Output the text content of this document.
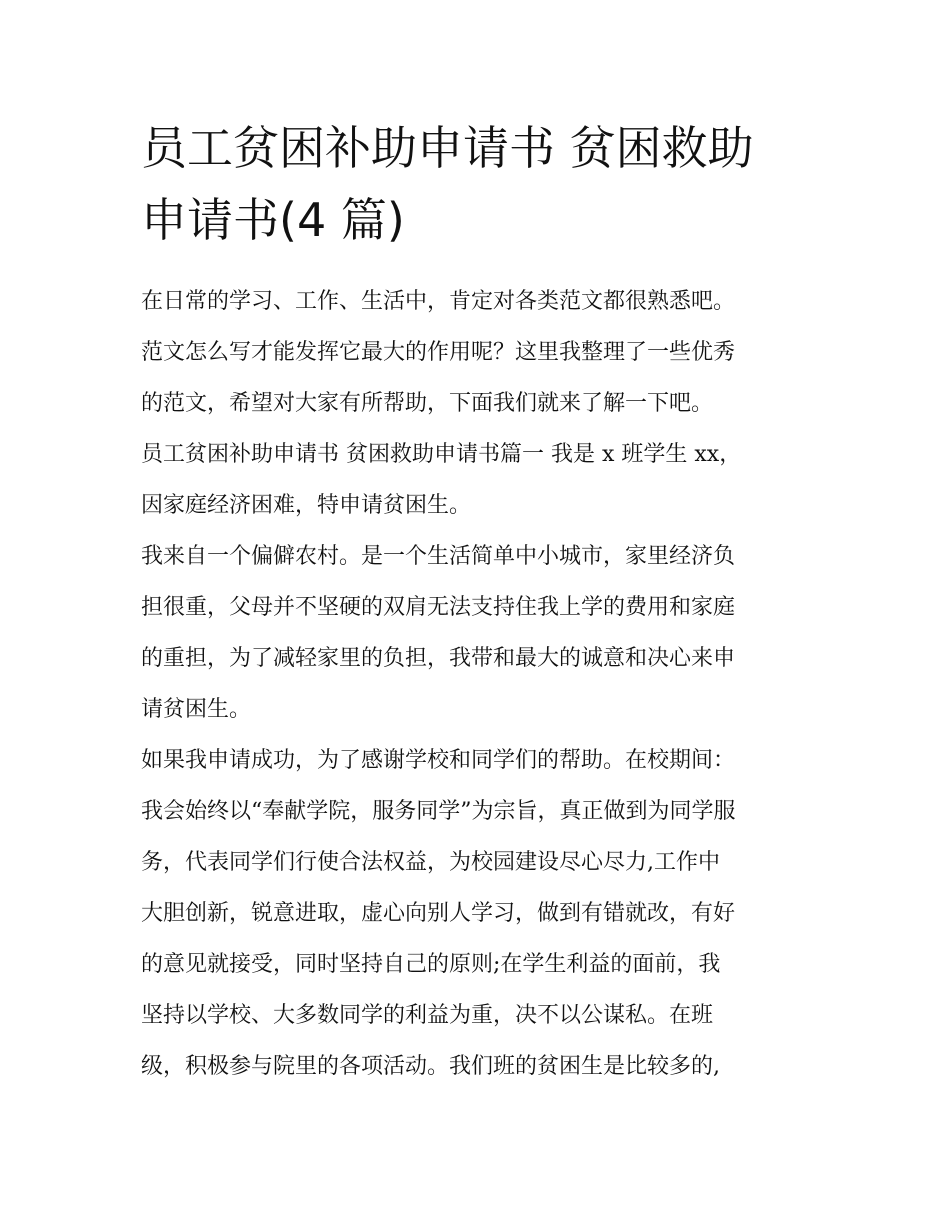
员工贫困补助申请书 贫困救助
申请书(4 篇)

在日常的学习、工作、生活中，肯定对各类范文都很熟悉吧。
范文怎么写才能发挥它最大的作用呢？这里我整理了一些优秀
的范文，希望对大家有所帮助，下面我们就来了解一下吧。

员工贫困补助申请书 贫困救助申请书篇一 我是 x 班学生 xx，
因家庭经济困难，特申请贫困生。

我来自一个偏僻农村。是一个生活简单中小城市，家里经济负
担很重，父母并不坚硬的双肩无法支持住我上学的费用和家庭
的重担，为了减轻家里的负担，我带和最大的诚意和决心来申
请贫困生。

如果我申请成功，为了感谢学校和同学们的帮助。在校期间：
我会始终以“奉献学院，服务同学”为宗旨，真正做到为同学服
务，代表同学们行使合法权益，为校园建设尽心尽力,工作中
大胆创新，锐意进取，虚心向别人学习，做到有错就改，有好
的意见就接受，同时坚持自己的原则;在学生利益的面前，我
坚持以学校、大多数同学的利益为重，决不以公谋私。在班
级，积极参与院里的各项活动。我们班的贫困生是比较多的,
